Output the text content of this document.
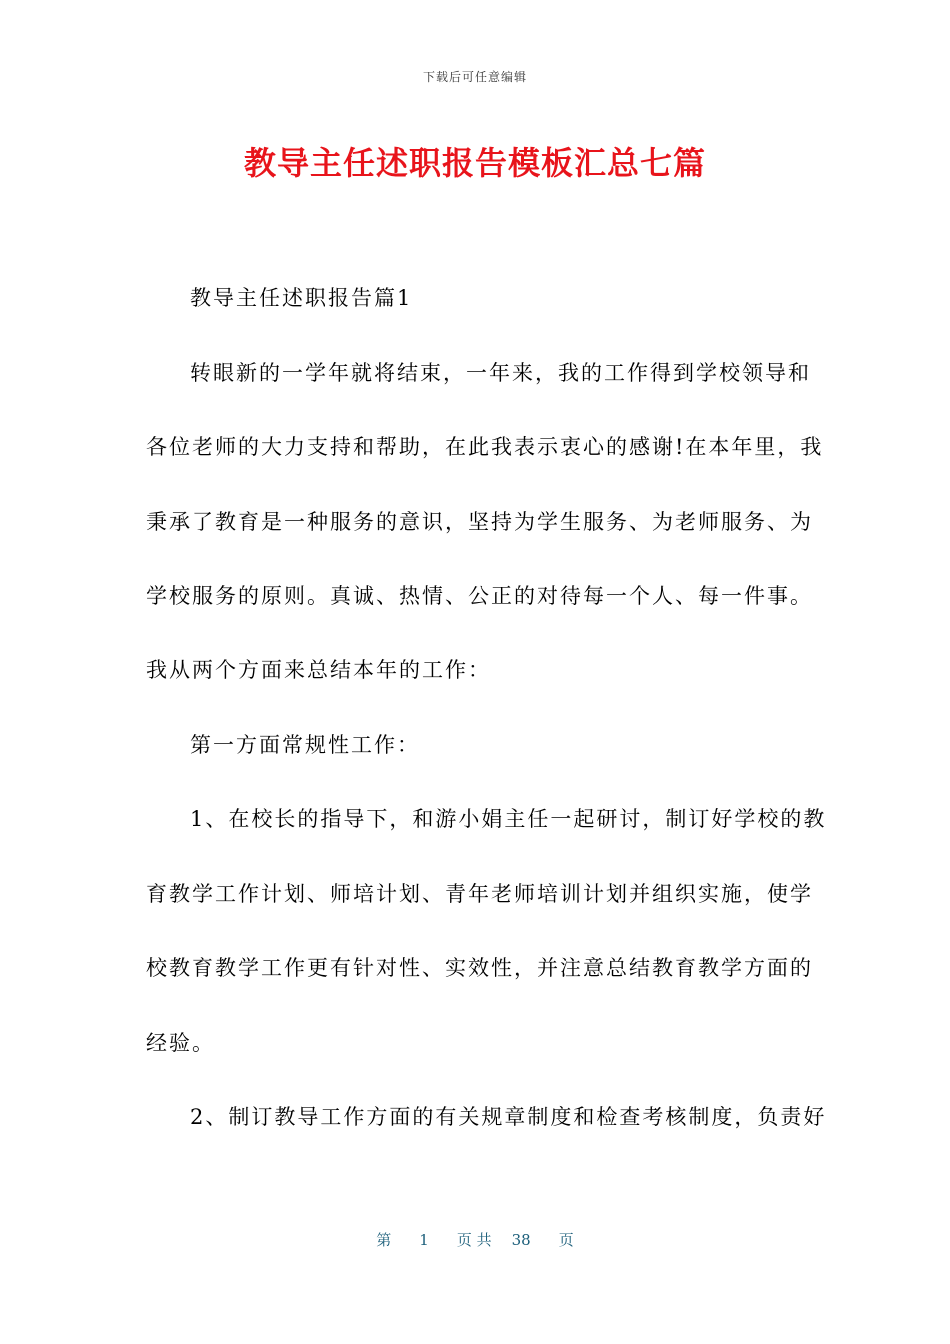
下载后可任意编辑
教导主任述职报告模板汇总七篇
教导主任述职报告篇1
转眼新的一学年就将结束，一年来，我的工作得到学校领导和
各位老师的大力支持和帮助，在此我表示衷心的感谢!在本年里，我
秉承了教育是一种服务的意识，坚持为学生服务、为老师服务、为
学校服务的原则。真诚、热情、公正的对待每一个人、每一件事。
我从两个方面来总结本年的工作：
第一方面常规性工作：
1、在校长的指导下，和游小娟主任一起研讨，制订好学校的教
育教学工作计划、师培计划、青年老师培训计划并组织实施，使学
校教育教学工作更有针对性、实效性，并注意总结教育教学方面的
经验。
2、制订教导工作方面的有关规章制度和检查考核制度，负责好
第 1 页 共 38 页
